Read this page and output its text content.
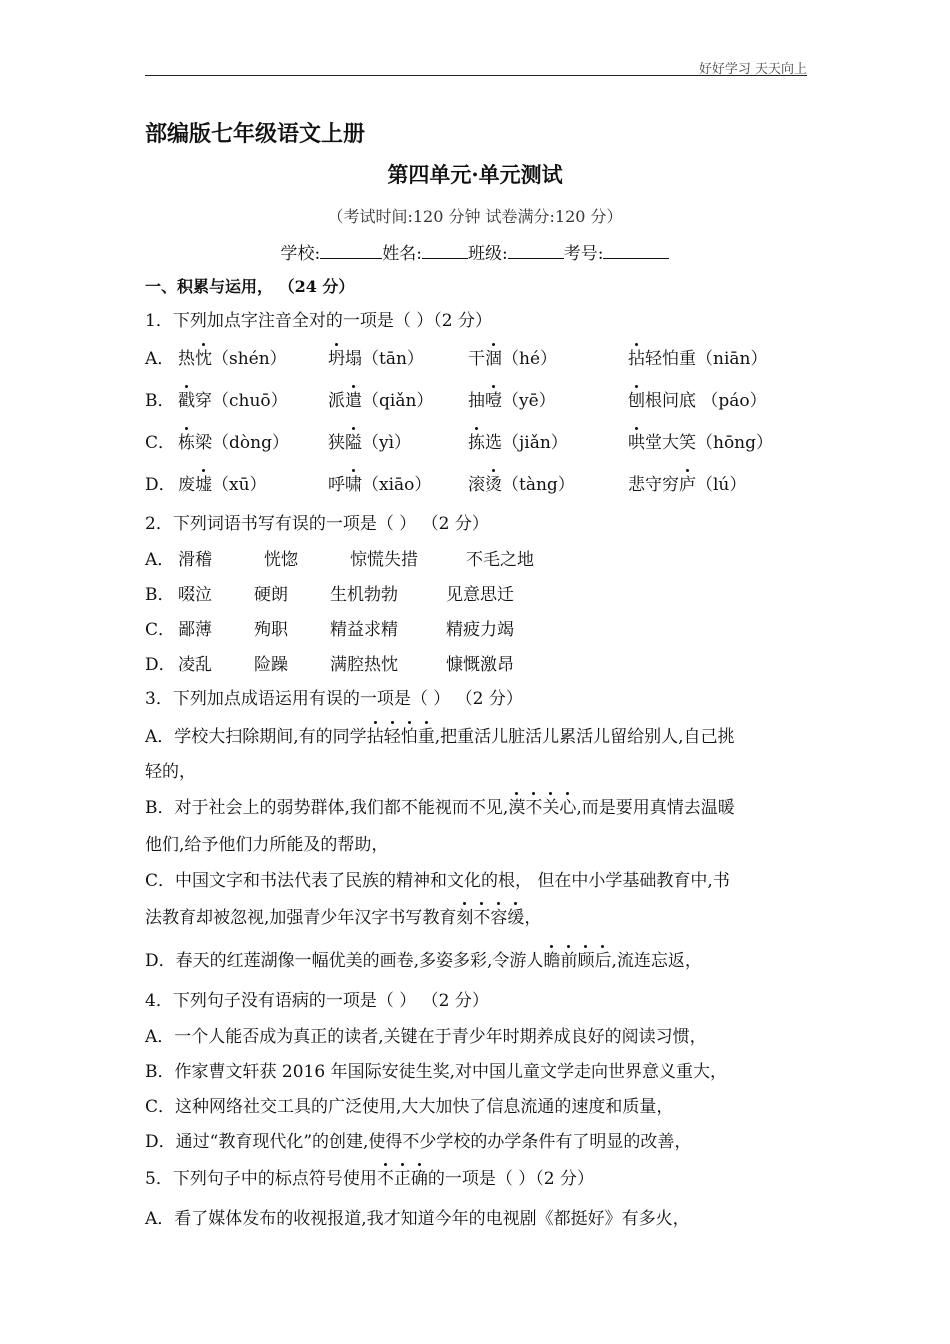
好好学习 天天向上
部编版七年级语文上册
第四单元·单元测试
（考试时间:120 分钟 试卷满分:120 分）
学校:	姓名:	班级:	考号:
一、积累与运用， （24 分）
1．下列加点字注音全对的一项是（ ）（2 分）
A． 热忱（shén） 坍塌（tān）	干涸（hé）	拈轻怕重（niān）
B． 戳穿（chuō） 派遣（qiǎn） 抽噎（yē）	刨根问底 （páo）
C． 栋梁（dòng） 狭隘（yì）	拣选（jiǎn）	哄堂大笑（hōng）
D． 废墟（xū）	呼啸（xiāo） 滚烫（tàng）	悲守穷庐（lú）
2．下列词语书写有误的一项是（ ） （2 分）
A． 滑稽	恍惚	惊慌失措	不毛之地
B． 啜泣 硬朗 生机勃勃	见意思迁
C． 鄙薄 殉职 精益求精	精疲力竭
D． 凌乱 险躁 满腔热忱	慷慨激昂
3．下列加点成语运用有误的一项是（ ） （2 分）
A．学校大扫除期间,有的同学拈轻怕重,把重活儿脏活儿累活儿留给别人,自己挑
轻的，
B．对于社会上的弱势群体,我们都不能视而不见,漠不关心,而是要用真情去温暖
他们,给予他们力所能及的帮助，
C．中国文字和书法代表了民族的精神和文化的根， 但在中小学基础教育中,书
法教育却被忽视,加强青少年汉字书写教育刻不容缓，
D．春天的红莲湖像一幅优美的画卷,多姿多彩,令游人瞻前顾后,流连忘返，
4．下列句子没有语病的一项是（ ） （2 分）
A．一个人能否成为真正的读者,关键在于青少年时期养成良好的阅读习惯，
B．作家曹文轩获 2016 年国际安徒生奖,对中国儿童文学走向世界意义重大，
C．这种网络社交工具的广泛使用,大大加快了信息流通的速度和质量，
D．通过“教育现代化”的创建,使得不少学校的办学条件有了明显的改善，
5．下列句子中的标点符号使用不正确的一项是（ ）（2 分）
A．看了媒体发布的收视报道,我才知道今年的电视剧《都挺好》有多火，
